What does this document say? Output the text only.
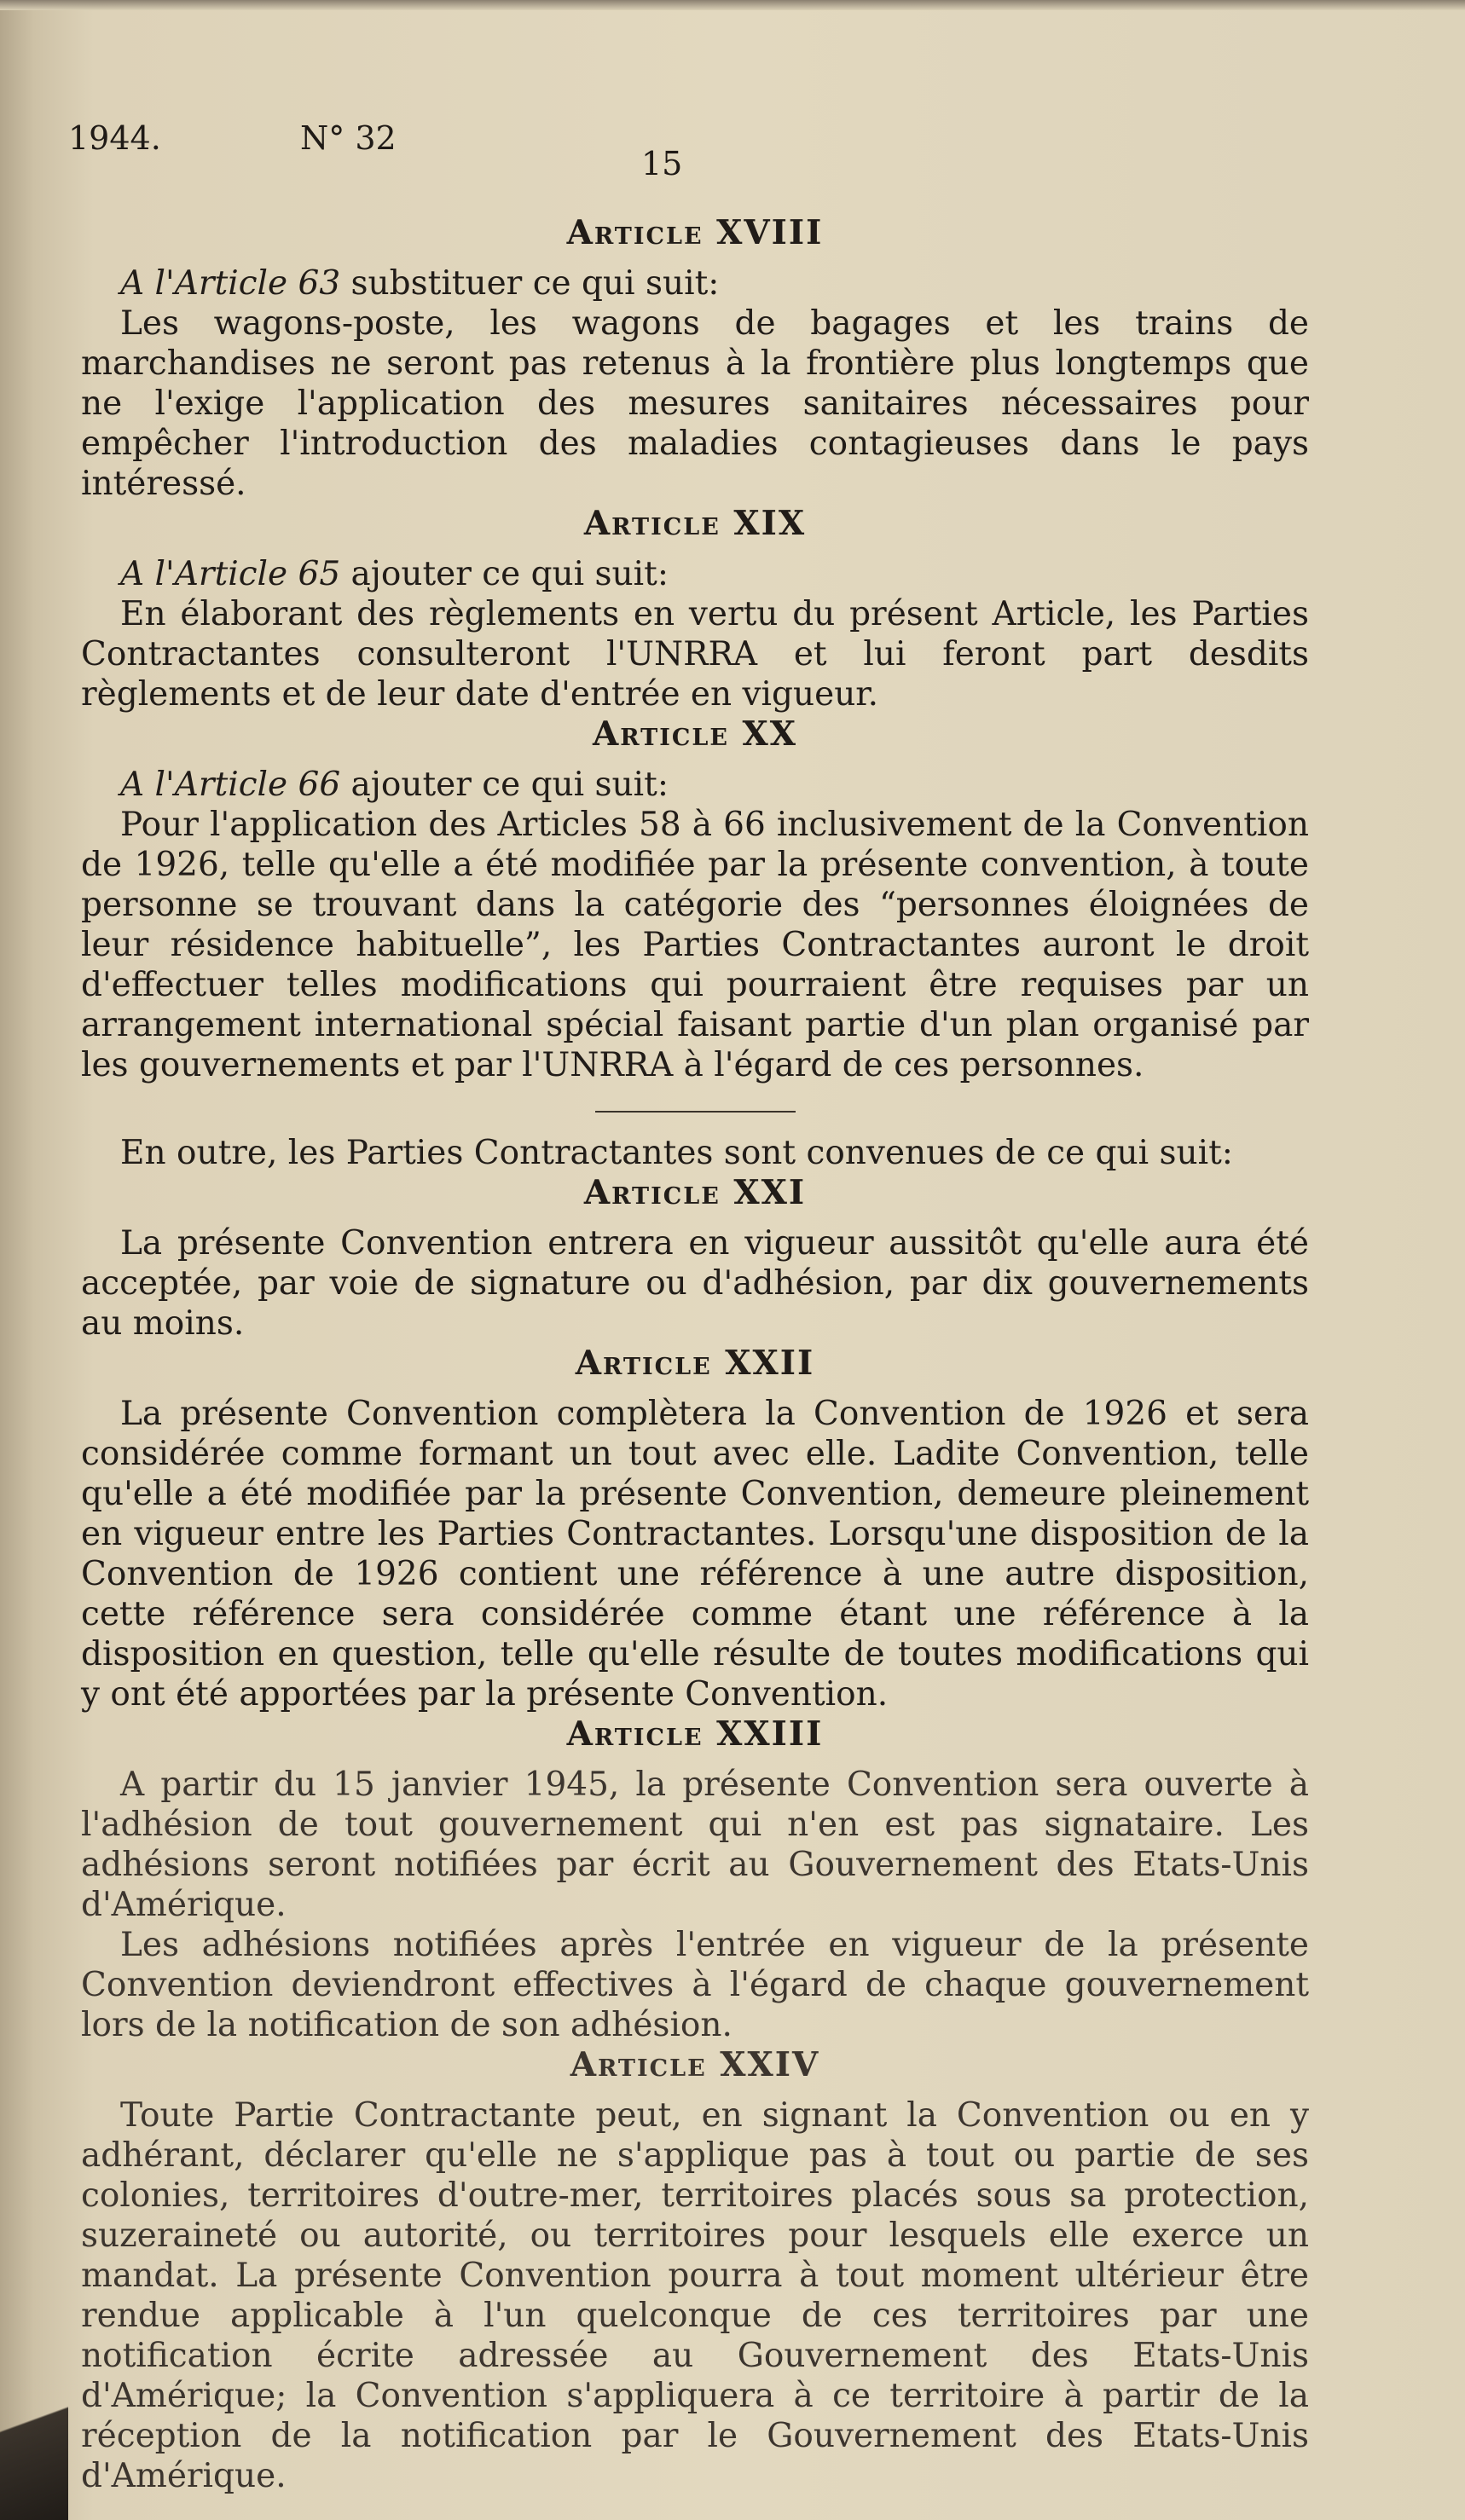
1944.	N° 32
15
Article XVIII

A l'Article 63 substituer ce qui suit:

Les wagons-poste, les wagons de bagages et les trains de marchandises ne seront pas retenus à la frontière plus longtemps que ne l'exige l'application des mesures sanitaires nécessaires pour empêcher l'introduction des maladies contagieuses dans le pays intéressé.

Article XIX

A l'Article 65 ajouter ce qui suit:

En élaborant des règlements en vertu du présent Article, les Parties Contractantes consulteront l'UNRRA et lui feront part desdits règlements et de leur date d'entrée en vigueur.

Article XX

A l'Article 66 ajouter ce qui suit:

Pour l'application des Articles 58 à 66 inclusivement de la Convention de 1926, telle qu'elle a été modifiée par la présente convention, à toute personne se trouvant dans la catégorie des “personnes éloignées de leur résidence habituelle”, les Parties Contractantes auront le droit d'effectuer telles modifications qui pourraient être requises par un arrangement international spécial faisant partie d'un plan organisé par les gouvernements et par l'UNRRA à l'égard de ces personnes.

En outre, les Parties Contractantes sont convenues de ce qui suit:

Article XXI

La présente Convention entrera en vigueur aussitôt qu'elle aura été acceptée, par voie de signature ou d'adhésion, par dix gouvernements au moins.

Article XXII

La présente Convention complètera la Convention de 1926 et sera considérée comme formant un tout avec elle. Ladite Convention, telle qu'elle a été modifiée par la présente Convention, demeure pleinement en vigueur entre les Parties Contractantes. Lorsqu'une disposition de la Convention de 1926 contient une référence à une autre disposition, cette référence sera considérée comme étant une référence à la disposition en question, telle qu'elle résulte de toutes modifications qui y ont été apportées par la présente Convention.

Article XXIII

A partir du 15 janvier 1945, la présente Convention sera ouverte à l'adhésion de tout gouvernement qui n'en est pas signataire. Les adhésions seront notifiées par écrit au Gouvernement des Etats-Unis d'Amérique.

Les adhésions notifiées après l'entrée en vigueur de la présente Convention deviendront effectives à l'égard de chaque gouvernement lors de la notification de son adhésion.

Article XXIV

Toute Partie Contractante peut, en signant la Convention ou en y adhérant, déclarer qu'elle ne s'applique pas à tout ou partie de ses colonies, territoires d'outre-mer, territoires placés sous sa protection, suzeraineté ou autorité, ou territoires pour lesquels elle exerce un mandat. La présente Convention pourra à tout moment ultérieur être rendue applicable à l'un quelconque de ces territoires par une notification écrite adressée au Gouvernement des Etats-Unis d'Amérique; la Convention s'appliquera à ce territoire à partir de la réception de la notification par le Gouvernement des Etats-Unis d'Amérique.
